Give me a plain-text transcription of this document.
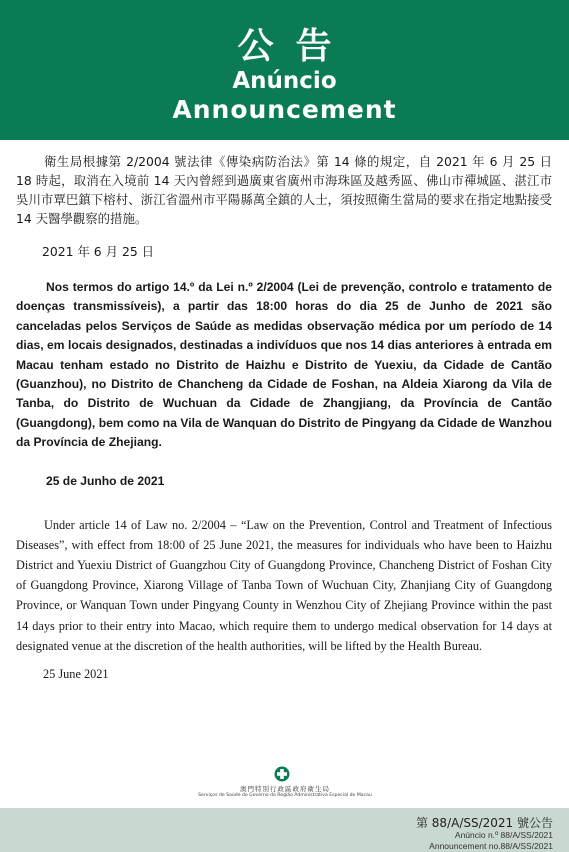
公告
Anúncio
Announcement

衛生局根據第 2/2004 號法律《傳染病防治法》第 14 條的規定，自 2021 年 6 月 25 日 18 時起，取消在入境前 14 天內曾經到過廣東省廣州市海珠區及越秀區、佛山市禪城區、湛江市吳川市覃巴鎮下榕村、浙江省溫州市平陽縣萬全鎮的人士，須按照衛生當局的要求在指定地點接受 14 天醫學觀察的措施。

2021 年 6 月 25 日

Nos termos do artigo 14.º da Lei n.º 2/2004 (Lei de prevenção, controlo e tratamento de doenças transmissíveis), a partir das 18:00 horas do dia 25 de Junho de 2021 são canceladas pelos Serviços de Saúde as medidas observação médica por um período de 14 dias, em locais designados, destinadas a indivíduos que nos 14 dias anteriores à entrada em Macau tenham estado no Distrito de Haizhu e Distrito de Yuexiu, da Cidade de Cantão (Guanzhou), no Distrito de Chancheng da Cidade de Foshan, na Aldeia Xiarong da Vila de Tanba, do Distrito de Wuchuan da Cidade de Zhangjiang, da Província de Cantão (Guangdong), bem como na Vila de Wanquan do Distrito de Pingyang da Cidade de Wanzhou da Província de Zhejiang.

25 de Junho de 2021

Under article 14 of Law no. 2/2004 – “Law on the Prevention, Control and Treatment of Infectious Diseases”, with effect from 18:00 of 25 June 2021, the measures for individuals who have been to Haizhu District and Yuexiu District of Guangzhou City of Guangdong Province, Chancheng District of Foshan City of Guangdong Province, Xiarong Village of Tanba Town of Wuchuan City, Zhanjiang City of Guangdong Province, or Wanquan Town under Pingyang County in Wenzhou City of Zhejiang Province within the past 14 days prior to their entry into Macao, which require them to undergo medical observation for 14 days at designated venue at the discretion of the health authorities, will be lifted by the Health Bureau.

25 June 2021
澳門特別行政區政府衛生局
Serviços de Saúde do Governo da Região Administrativa Especial de Macau
第 88/A/SS/2021 號公告
Anúncio n.º 88/A/SS/2021
Announcement no.88/A/SS/2021
